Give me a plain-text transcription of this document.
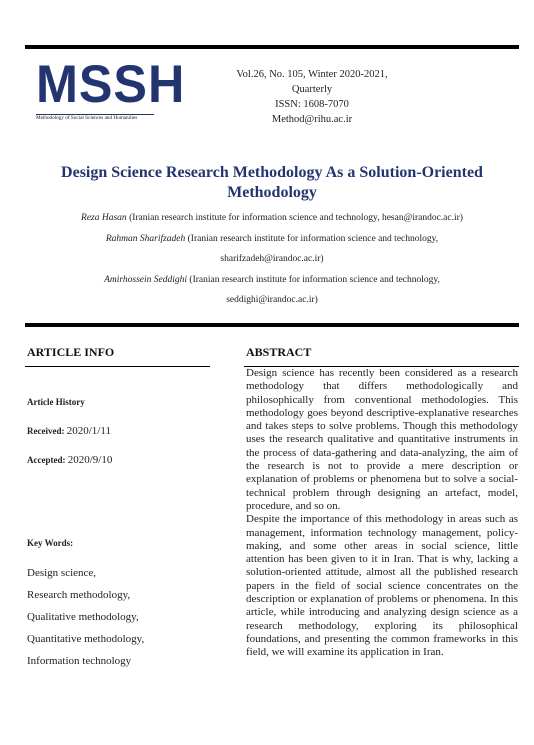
MSSH
Methodology of Social Sciences and Humanities
Vol.26, No. 105, Winter 2020-2021,
Quarterly
ISSN: 1608-7070
Method@rihu.ac.ir
Design Science Research Methodology As a Solution-Oriented
Methodology
Reza Hasan (Iranian research institute for information science and technology, hesan@irandoc.ac.ir)
Rahman Sharifzadeh (Iranian research institute for information science and technology,
sharifzadeh@irandoc.ac.ir)
Amirhossein Seddighi (Iranian research institute for information science and technology,
seddighi@irandoc.ac.ir)
ARTICLE INFO	ABSTRACT
Article History
Received: 2020/1/11
Accepted: 2020/9/10
Key Words:
Design science,
Research methodology,
Qualitative methodology,
Quantitative methodology,
Information technology

Design science has recently been considered as a research methodology that differs methodologically and philosophically from conventional methodologies. This methodology goes beyond descriptive-explanative researches and takes steps to solve problems. Though this methodology uses the research qualitative and quantitative instruments in the process of data-gathering and data-analyzing, the aim of the research is not to provide a mere description or explanation of problems or phenomena but to solve a social-technical problem through designing an artefact, model, procedure, and so on.

Despite the importance of this methodology in areas such as management, information technology management, policy-making, and some other areas in social science, little attention has been given to it in Iran. That is why, lacking a solution-oriented attitude, almost all the published research papers in the field of social science concentrates on the description or explanation of problems or phenomena. In this article, while introducing and analyzing design science as a research methodology, exploring its philosophical foundations, and presenting the common frameworks in this field, we will examine its application in Iran.
